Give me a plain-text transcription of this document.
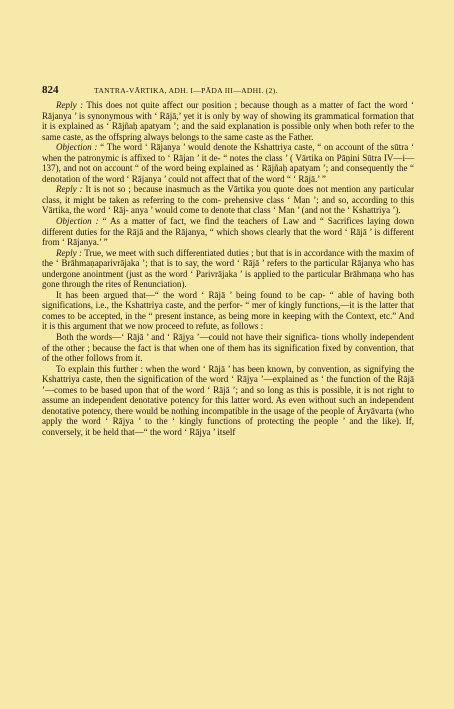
824	TANTRA-VĀRTIKA, ADH. I—PĀDA III—ADHI. (2).

Reply : This does not quite affect our position ; because though as a matter of fact the word ‘ Rājanya ’ is synonymous with ‘ Rājā,’ yet it is only by way of showing its grammatical formation that it is explained as ‘ Rājñaḥ apatyam ’; and the said explanation is possible only when both refer to the same caste, as the offspring always belongs to the same caste as the Father.

Objection : “ The word ‘ Rājanya ’ would denote the Kshattriya caste, “ on account of the sūtra ‘ when the patronymic is affixed to ‘ Rājan ’ it de- “ notes the class ’ ( Vārtika on Pāṇini Sūtra IV—i—137), and not on account “ of the word being explained as ‘ Rājñaḥ apatyam ’; and consequently the “ denotation of the word ‘ Rājanya ’ could not affect that of the word “ ‘ Rājā.’ ”

Reply : It is not so ; because inasmuch as the Vārtika you quote does not mention any particular class, it might be taken as referring to the com- prehensive class ‘ Man ’; and so, according to this Vārtika, the word ‘ Rāj- anya ’ would come to denote that class ‘ Man ’ (and not the ‘ Kshattriya ’).

Objection : “ As a matter of fact, we find the teachers of Law and “ Sacrifices laying down different duties for the Rājā and the Rājanya, “ which shows clearly that the word ‘ Rājā ’ is different from ‘ Rājanya.’ ”

Reply : True, we meet with such differentiated duties ; but that is in accordance with the maxim of the ‘ Brāhmaṇaparivrājaka ’; that is to say, the word ‘ Rājā ’ refers to the particular Rājanya who has undergone anointment (just as the word ‘ Parivrājaka ’ is applied to the particular Brāhmaṇa who has gone through the rites of Renunciation).

It has been argued that—“ the word ‘ Rājā ’ being found to be cap- “ able of having both significations, i.e., the Kshattriya caste, and the perfor- “ mer of kingly functions,—it is the latter that comes to be accepted, in the “ present instance, as being more in keeping with the Context, etc.” And it is this argument that we now proceed to refute, as follows :

Both the words—‘ Rājā ’ and ‘ Rājya ’—could not have their significa- tions wholly independent of the other ; because the fact is that when one of them has its signification fixed by convention, that of the other follows from it.

To explain this further : when the word ‘ Rājā ’ has been known, by convention, as signifying the Kshattriya caste, then the signification of the word ‘ Rājya ’—explained as ‘ the function of the Rājā ’—comes to be based upon that of the word ‘ Rājā ’; and so long as this is possible, it is not right to assume an independent denotative potency for this latter word. As even without such an independent denotative potency, there would be nothing incompatible in the usage of the people of Āryāvarta (who apply the word ‘ Rājya ’ to the ‘ kingly functions of protecting the people ’ and the like). If, conversely, it be held that—“ the word ‘ Rājya ’ itself
